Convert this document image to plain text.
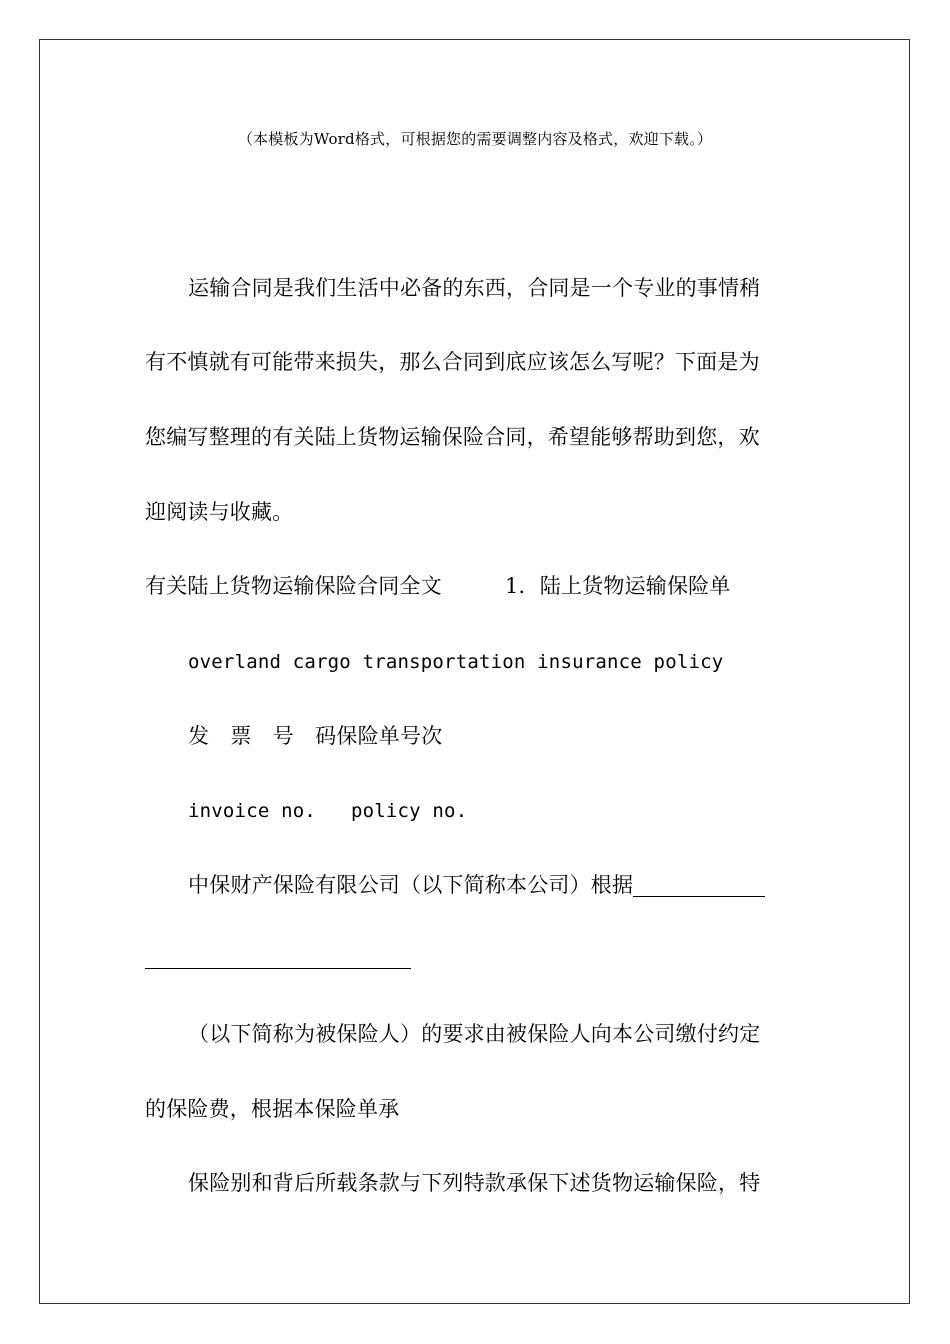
（本模板为Word格式，可根据您的需要调整内容及格式，欢迎下载。）
运输合同是我们生活中必备的东西，合同是一个专业的事情稍
有不慎就有可能带来损失，那么合同到底应该怎么写呢？下面是为
您编写整理的有关陆上货物运输保险合同，希望能够帮助到您，欢
迎阅读与收藏。
有关陆上货物运输保险合同全文	1．陆上货物运输保险单
overland cargo transportation insurance policy
发　票　号　码保险单号次
invoice no.   policy no.
中保财产保险有限公司（以下简称本公司）根据
（以下简称为被保险人）的要求由被保险人向本公司缴付约定
的保险费，根据本保险单承
保险别和背后所载条款与下列特款承保下述货物运输保险，特
